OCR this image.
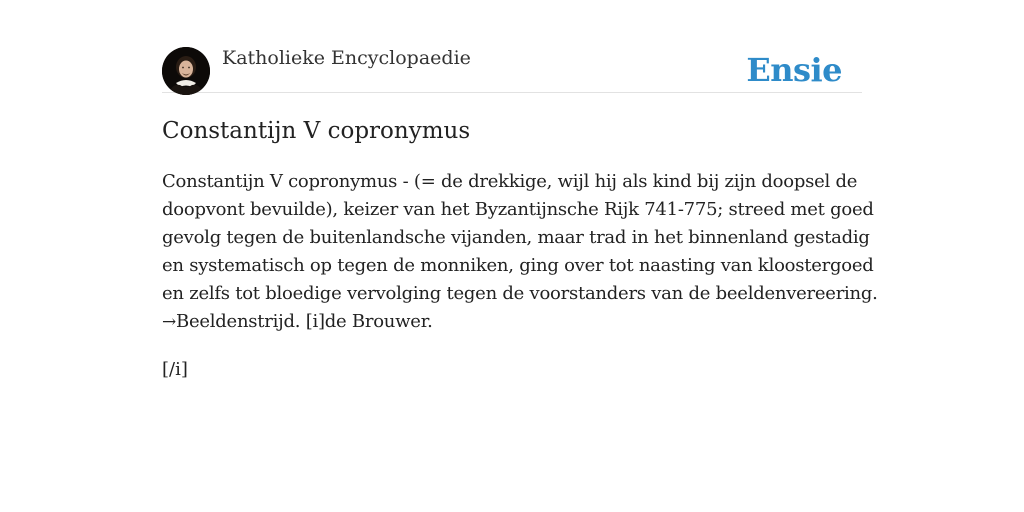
Katholieke Encyclopaedie	Ensie
Constantijn V copronymus

Constantijn V copronymus - (= de drekkige, wijl hij als kind bij zijn doopsel de
doopvont bevuilde), keizer van het Byzantijnsche Rijk 741-775; streed met goed
gevolg tegen de buitenlandsche vijanden, maar trad in het binnenland gestadig
en systematisch op tegen de monniken, ging over tot naasting van kloostergoed
en zelfs tot bloedige vervolging tegen de voorstanders van de beeldenvereering.
→Beeldenstrijd. [i]de Brouwer.

[/i]
